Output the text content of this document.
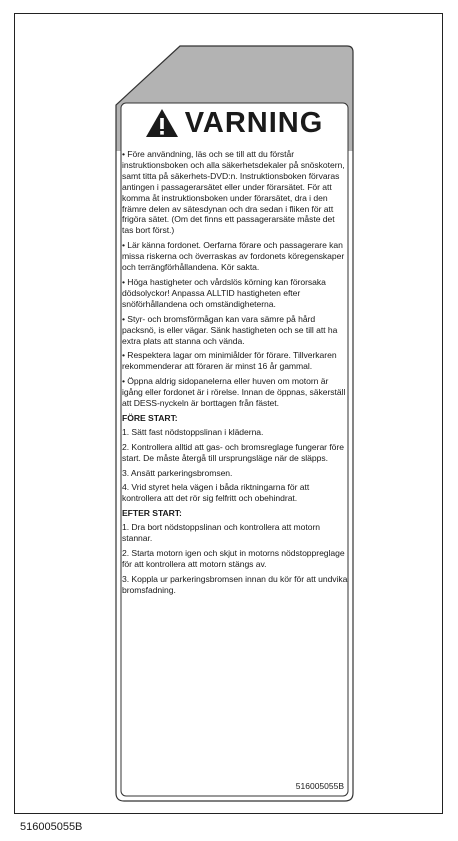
VARNING

• Före användning, läs och se till att du förstår instruktionsboken och alla säkerhetsdekaler på snöskotern, samt titta på säkerhets-DVD:n. Instruktionsboken förvaras antingen i passagerarsätet eller under förarsätet. För att komma åt instruktionsboken under förarsätet, dra i den främre delen av sätesdynan och dra sedan i fliken för att frigöra sätet. (Om det finns ett passagerarsäte måste det tas bort först.)

• Lär känna fordonet. Oerfarna förare och passagerare kan missa riskerna och överraskas av fordonets köregenskaper och terrängförhållandena. Kör sakta.

• Höga hastigheter och vårdslös körning kan förorsaka dödsolyckor! Anpassa ALLTID hastigheten efter snöförhållandena och omständigheterna.

• Styr- och bromsförmågan kan vara sämre på hård packsnö, is eller vägar. Sänk hastigheten och se till att ha extra plats att stanna och vända.

• Respektera lagar om minimiålder för förare. Tillverkaren rekommenderar att föraren är minst 16 år gammal.

• Öppna aldrig sidopanelerna eller huven om motorn är igång eller fordonet är i rörelse. Innan de öppnas, säkerställ att DESS-nyckeln är borttagen från fästet.

FÖRE START:

1. Sätt fast nödstoppslinan i kläderna.

2. Kontrollera alltid att gas- och bromsreglage fungerar före start. De måste återgå till ursprungsläge när de släpps.

3. Ansätt parkeringsbromsen.

4. Vrid styret hela vägen i båda riktningarna för att kontrollera att det rör sig felfritt och obehindrat.

EFTER START:

1. Dra bort nödstoppslinan och kontrollera att motorn stannar.

2. Starta motorn igen och skjut in motorns nödstoppreglage för att kontrollera att motorn stängs av.

3. Koppla ur parkeringsbromsen innan du kör för att undvika bromsfadning.

516005055B
516005055B
